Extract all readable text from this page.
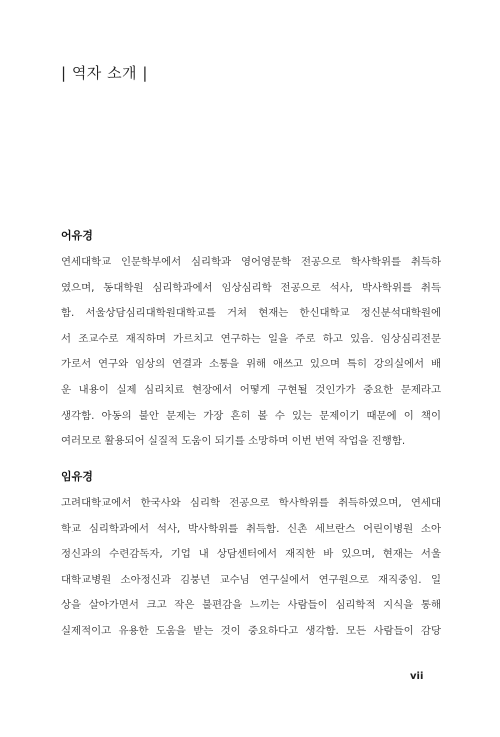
| 역자 소개 |
어유경

연세대학교 인문학부에서 심리학과 영어영문학 전공으로 학사학위를 취득하
였으며, 동대학원 심리학과에서 임상심리학 전공으로 석사, 박사학위를 취득
함. 서울상담심리대학원대학교를 거쳐 현재는 한신대학교 정신분석대학원에
서 조교수로 재직하며 가르치고 연구하는 일을 주로 하고 있음. 임상심리전문
가로서 연구와 임상의 연결과 소통을 위해 애쓰고 있으며 특히 강의실에서 배
운 내용이 실제 심리치료 현장에서 어떻게 구현될 것인가가 중요한 문제라고
생각함. 아동의 불안 문제는 가장 흔히 볼 수 있는 문제이기 때문에 이 책이
여러모로 활용되어 실질적 도움이 되기를 소망하며 이번 번역 작업을 진행함.

임유경

고려대학교에서 한국사와 심리학 전공으로 학사학위를 취득하였으며, 연세대
학교 심리학과에서 석사, 박사학위를 취득함. 신촌 세브란스 어린이병원 소아
정신과의 수련감독자, 기업 내 상담센터에서 재직한 바 있으며, 현재는 서울
대학교병원 소아정신과 김붕년 교수님 연구실에서 연구원으로 재직중임. 일
상을 살아가면서 크고 작은 불편감을 느끼는 사람들이 심리학적 지식을 통해
실제적이고 유용한 도움을 받는 것이 중요하다고 생각함. 모든 사람들이 감당

vii
